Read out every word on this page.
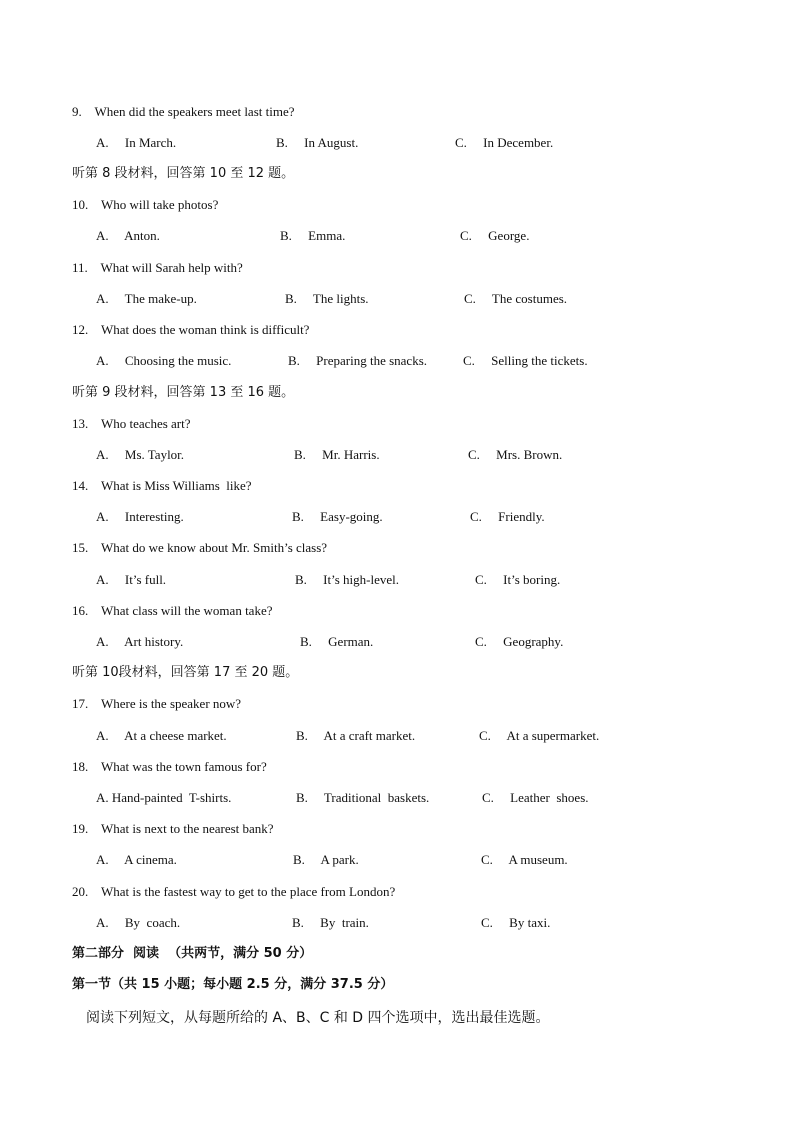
9.    When did the speakers meet last time?
A.     In March.	B.     In August.	C.     In December.
听第 8 段材料，回答第 10 至 12 题。
10.    Who will take photos?
A.     Anton.	B.     Emma.	C.     George.
11.    What will Sarah help with?
A.     The make-up.	B.     The lights.	C.     The costumes.
12.    What does the woman think is difficult?
A.     Choosing the music.	B.     Preparing the snacks.	C.     Selling the tickets.
听第 9 段材料，回答第 13 至 16 题。
13.    Who teaches art?
A.     Ms. Taylor.	B.     Mr. Harris.	C.     Mrs. Brown.
14.    What is Miss Williams  like?
A.     Interesting.	B.     Easy-going.	C.     Friendly.
15.    What do we know about Mr. Smith’s class?
A.     It’s full.	B.     It’s high-level.	C.     It’s boring.
16.    What class will the woman take?
A.     Art history.	B.     German.	C.     Geography.
听第 10段材料，回答第 17 至 20 题。
17.    Where is the speaker now?
A.     At a cheese market.	B.     At a craft market.	C.     At a supermarket.
18.    What was the town famous for?
A. Hand-painted  T-shirts.	B.     Traditional  baskets.	C.     Leather  shoes.
19.    What is next to the nearest bank?
A.     A cinema.	B.     A park.	C.     A museum.
20.    What is the fastest way to get to the place from London?
A.     By  coach.	B.     By  train.	C.     By taxi.
第二部分  阅读  （共两节，满分 50 分）
第一节（共 15 小题；每小题 2.5 分，满分 37.5 分）
阅读下列短文，从每题所给的 A、B、C 和 D 四个选项中，选出最佳选题。
